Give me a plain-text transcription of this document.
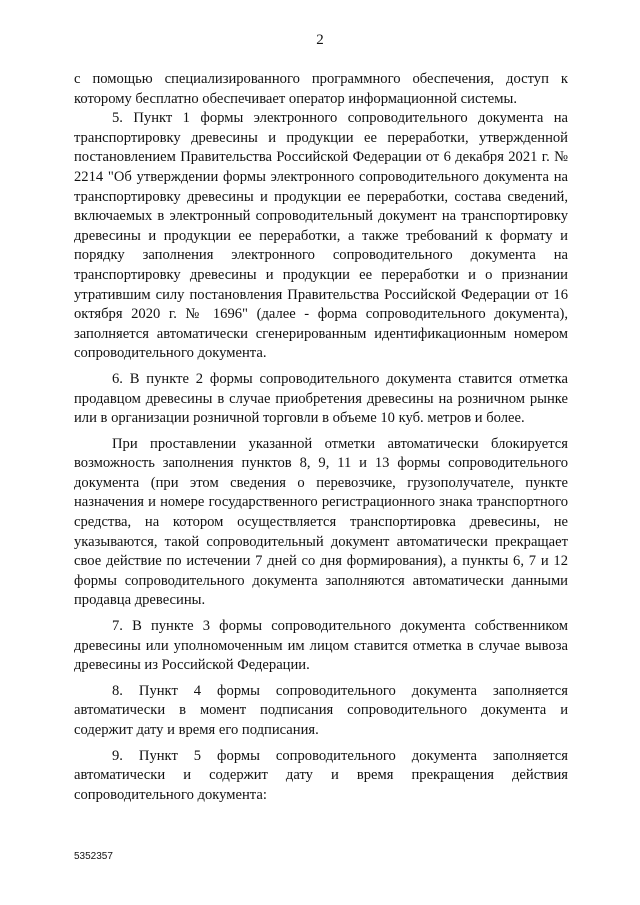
2

с помощью специализированного программного обеспечения, доступ к которому бесплатно обеспечивает оператор информационной системы.

5. Пункт 1 формы электронного сопроводительного документа на транспортировку древесины и продукции ее переработки, утвержденной постановлением Правительства Российской Федерации от 6 декабря 2021 г. № 2214 "Об утверждении формы электронного сопроводительного документа на транспортировку древесины и продукции ее переработки, состава сведений, включаемых в электронный сопроводительный документ на транспортировку древесины и продукции ее переработки, а также требований к формату и порядку заполнения электронного сопроводительного документа на транспортировку древесины и продукции ее переработки и о признании утратившим силу постановления Правительства Российской Федерации от 16 октября 2020 г. № 1696" (далее - форма сопроводительного документа), заполняется автоматически сгенерированным идентификационным номером сопроводительного документа.

6. В пункте 2 формы сопроводительного документа ставится отметка продавцом древесины в случае приобретения древесины на розничном рынке или в организации розничной торговли в объеме 10 куб. метров и более.

При проставлении указанной отметки автоматически блокируется возможность заполнения пунктов 8, 9, 11 и 13 формы сопроводительного документа (при этом сведения о перевозчике, грузополучателе, пункте назначения и номере государственного регистрационного знака транспортного средства, на котором осуществляется транспортировка древесины, не указываются, такой сопроводительный документ автоматически прекращает свое действие по истечении 7 дней со дня формирования), а пункты 6, 7 и 12 формы сопроводительного документа заполняются автоматически данными продавца древесины.

7. В пункте 3 формы сопроводительного документа собственником древесины или уполномоченным им лицом ставится отметка в случае вывоза древесины из Российской Федерации.

8. Пункт 4 формы сопроводительного документа заполняется автоматически в момент подписания сопроводительного документа и содержит дату и время его подписания.

9. Пункт 5 формы сопроводительного документа заполняется автоматически и содержит дату и время прекращения действия сопроводительного документа:

5352357
